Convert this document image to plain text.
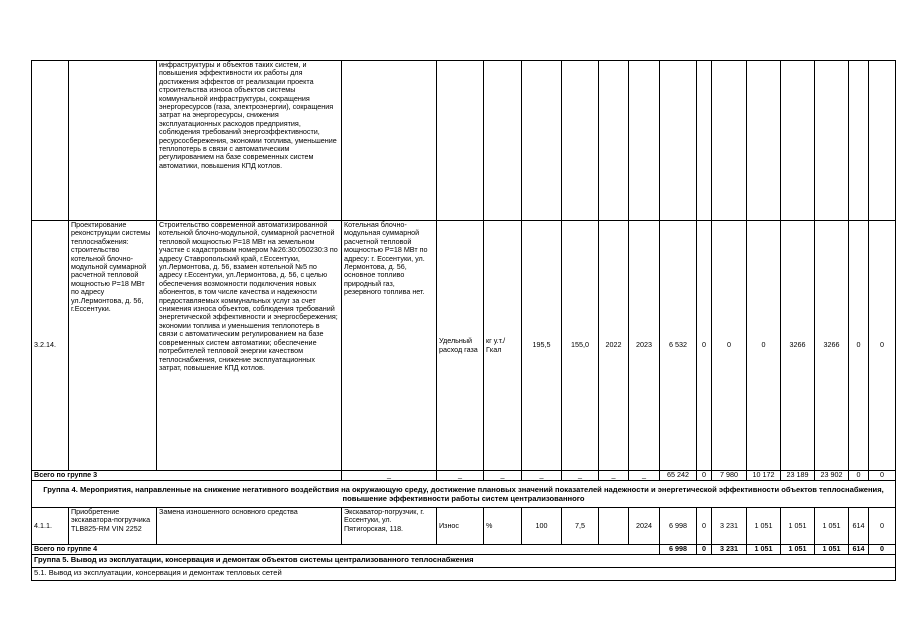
		инфраструктуры и объектов таких систем, и повышения эффективности их работы для достижения эффектов от реализации проекта строительства износа объектов системы коммунальной инфраструктуры, сокращения энергоресурсов (газа, электроэнергии), сокращения затрат на энергоресурсы, снижения эксплуатационных расходов предприятия, соблюдения требований энергоэффективности, ресурсосбережения, экономии топлива, уменьшение теплопотерь в связи с автоматическим регулированием на базе современных систем автоматики, повышения КПД котлов.															
3.2.14.	Проектирование реконструкции системы теплоснабжения: строительство котельной блочно-модульной суммарной расчетной тепловой мощностью Р=18 МВт по адресу ул.Лермонтова, д. 56, г.Ессентуки.	Строительство современной автоматизированной котельной блочно-модульной, суммарной расчетной тепловой мощностью Р=18 МВт на земельном участке с кадастровым номером №26:30:050230:3 по адресу Ставропольский край, г.Ессентуки, ул.Лермонтова, д. 56, взамен котельной №5 по адресу г.Ессентуки, ул.Лермонтова, д. 56, с целью обеспечения возможности подключения новых абонентов, в том числе качества и надежности предоставляемых коммунальных услуг за счет снижения износа объектов, соблюдения требований энергетической эффективности и энергосбережения; экономии топлива и уменьшения теплопотерь в связи с автоматическим регулированием на базе современных систем автоматики; обеспечение потребителей тепловой энергии качеством теплоснабжения, снижение эксплуатационных затрат, повышение КПД котлов.	Котельная блочно-модульная суммарной расчетной тепловой мощностью Р=18 МВт по адресу: г. Ессентуки, ул. Лермонтова, д. 56, основное топливо природный газ, резервного топлива нет.	Удельный расход газа	кг у.т./Гкал	195,5	155,0	2022	2023	6 532	0	0	0	3266	3266	0	0
Всего по группе 3			_	_	_	_	_	_	_	65 242	0	7 980	10 172	23 189	23 902	0	0
Группа 4. Мероприятия, направленные на снижение негативного воздействия на окружающую среду, достижение плановых значений показателей надежности и энергетической эффективности объектов теплоснабжения, повышение эффективности работы систем централизованного																	
4.1.1.	Приобретение экскаватора-погрузчика TLB825-RM VIN 2252	Замена изношенного основного средства	Экскаватор-погрузчик, г. Ессентуки, ул. Пятигорская, 118.	Износ	%	100	7,5		2024	6 998	0	3 231	1 051	1 051	1 051	614	0
Всего по группе 4										6 998	0	3 231	1 051	1 051	1 051	614	0
Группа 5. Вывод из эксплуатации, консервация и демонтаж объектов системы централизованного теплоснабжения																	
5.1. Вывод из эксплуатации, консервация и демонтаж тепловых сетей																	
